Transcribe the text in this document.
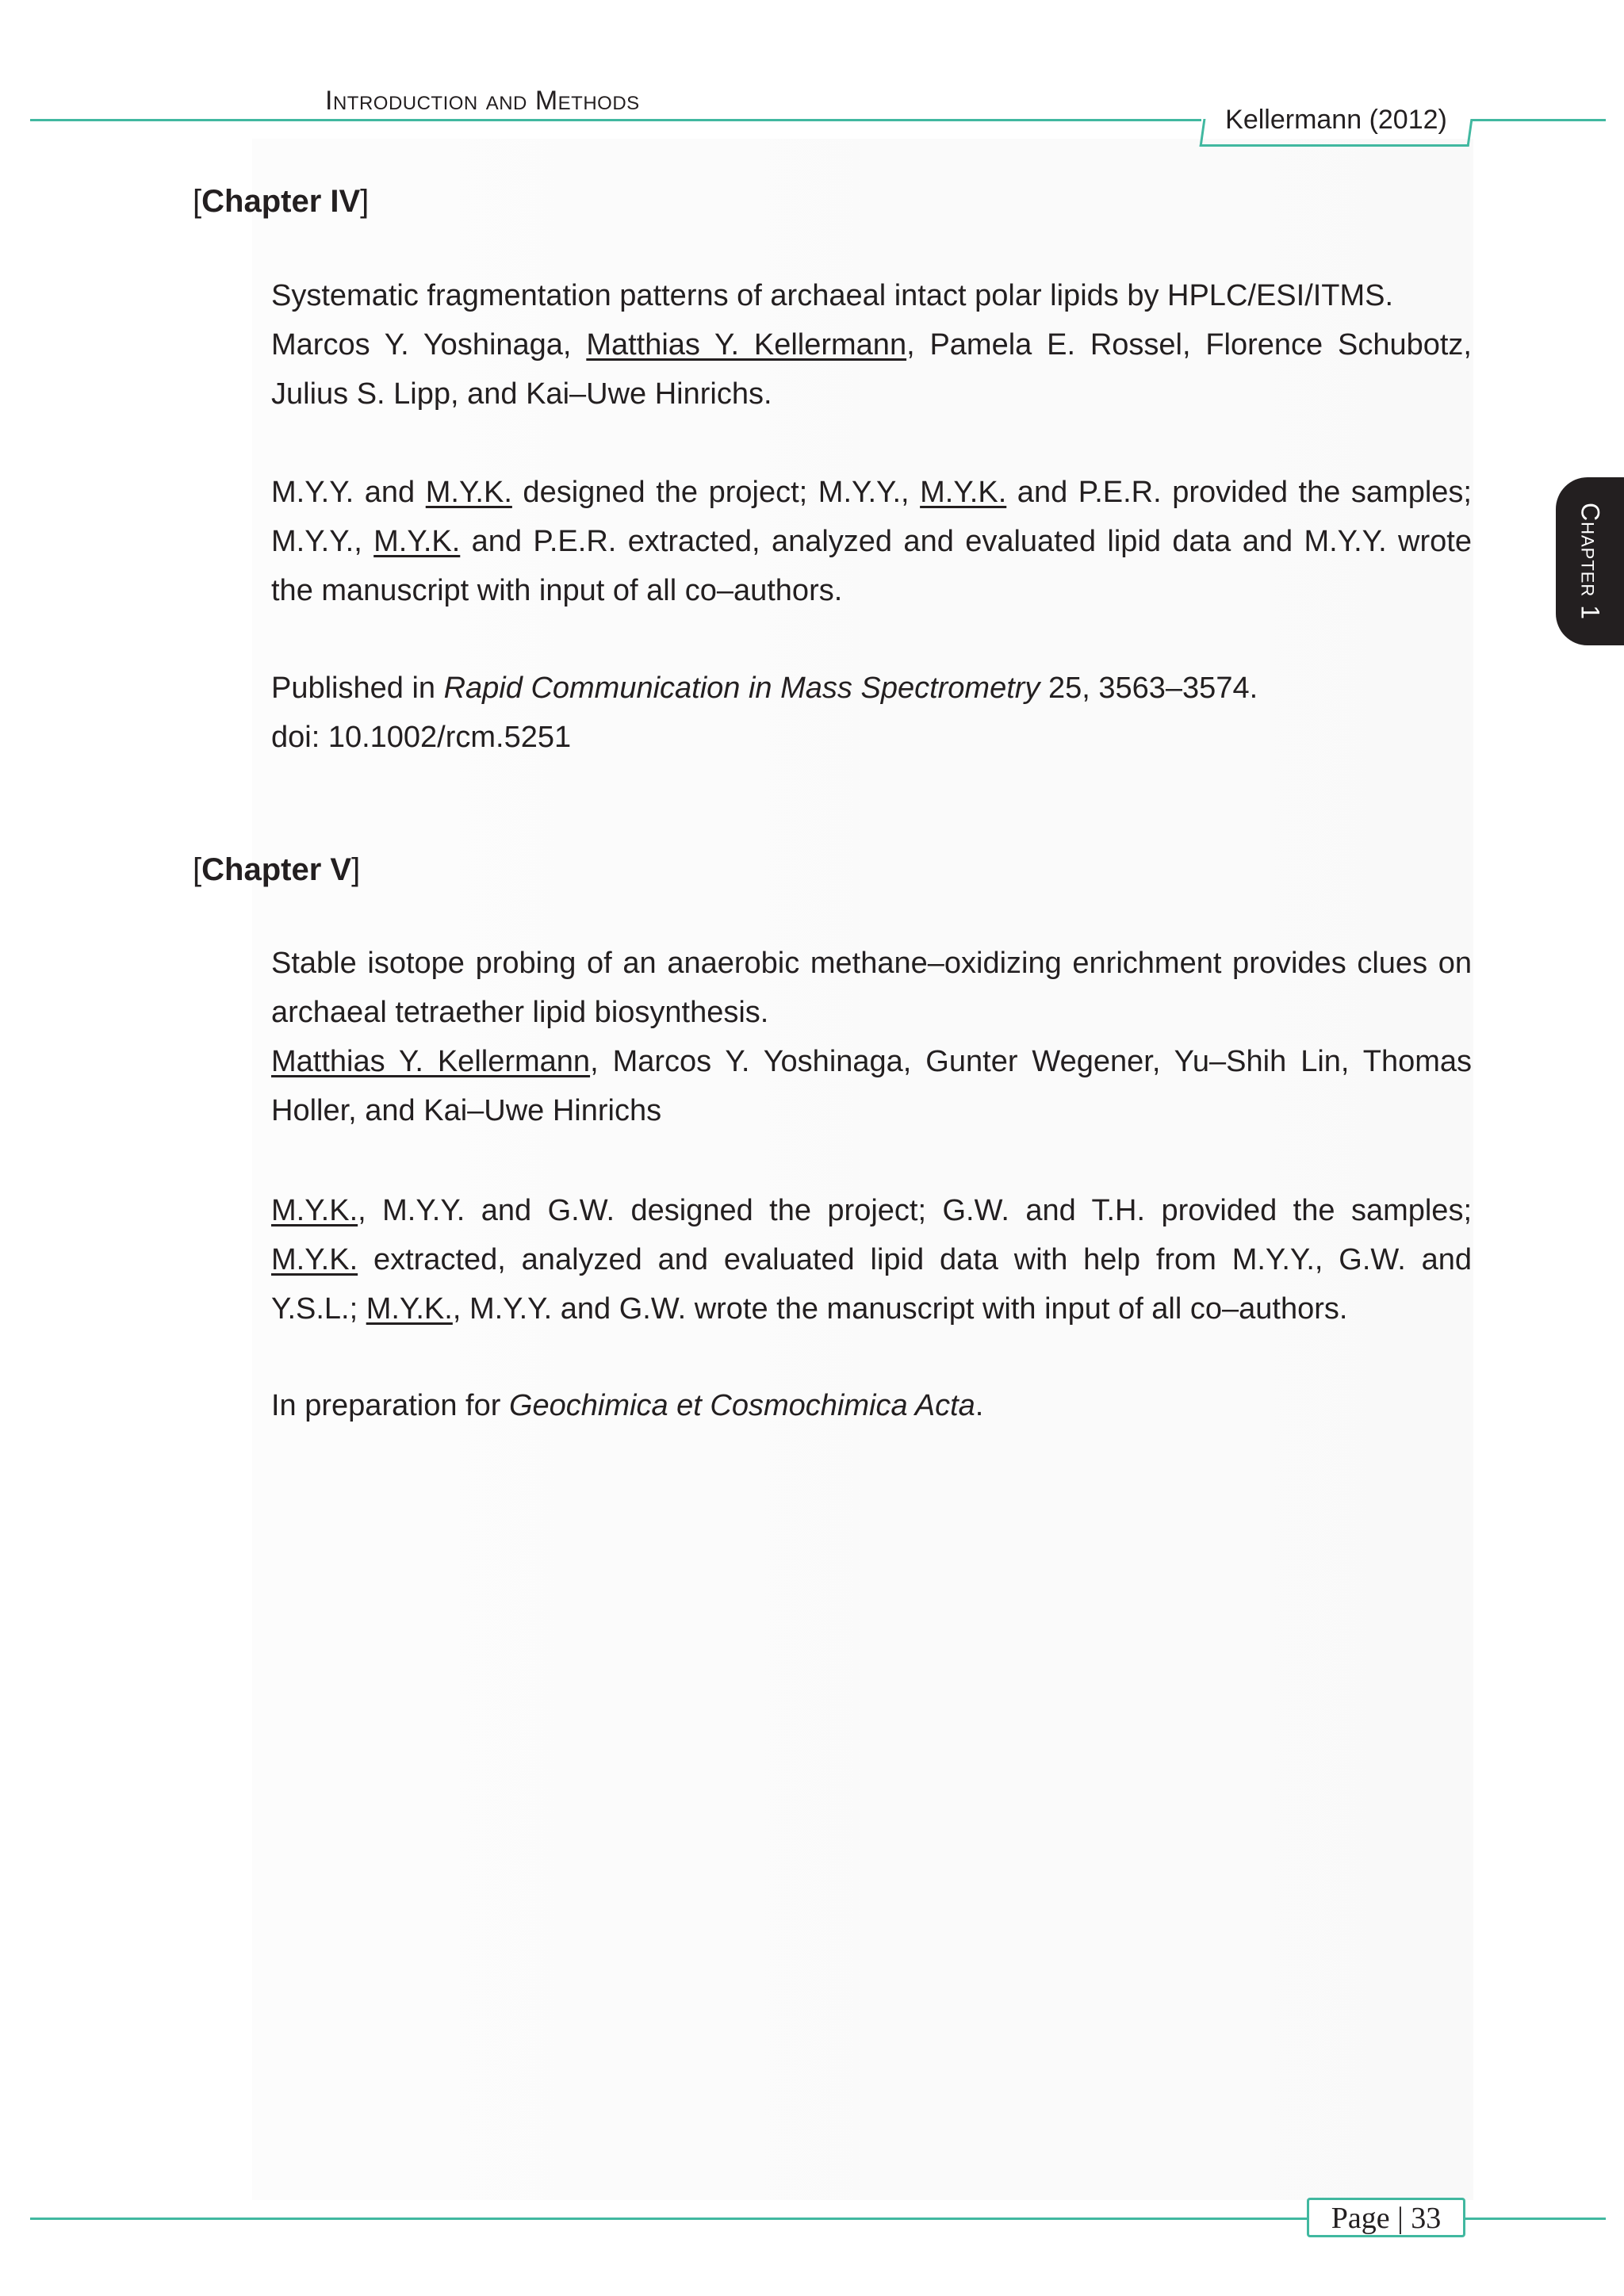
Introduction and Methods
Kellermann (2012)
Chapter 1
[Chapter IV]
Systematic fragmentation patterns of archaeal intact polar lipids by HPLC/ESI/ITMS.
Marcos Y. Yoshinaga, Matthias Y. Kellermann, Pamela E. Rossel, Florence Schubotz, Julius S. Lipp, and Kai–Uwe Hinrichs.
M.Y.Y. and M.Y.K. designed the project; M.Y.Y., M.Y.K. and P.E.R. provided the samples; M.Y.Y., M.Y.K. and P.E.R. extracted, analyzed and evaluated lipid data and M.Y.Y. wrote the manuscript with input of all co–authors.
Published in Rapid Communication in Mass Spectrometry 25, 3563–3574.
doi: 10.1002/rcm.5251
[Chapter V]
Stable isotope probing of an anaerobic methane–oxidizing enrichment provides clues on archaeal tetraether lipid biosynthesis.
Matthias Y. Kellermann, Marcos Y. Yoshinaga, Gunter Wegener, Yu–Shih Lin, Thomas Holler, and Kai–Uwe Hinrichs
M.Y.K., M.Y.Y. and G.W. designed the project; G.W. and T.H. provided the samples; M.Y.K. extracted, analyzed and evaluated lipid data with help from M.Y.Y., G.W. and Y.S.L.; M.Y.K., M.Y.Y. and G.W. wrote the manuscript with input of all co–authors.
In preparation for Geochimica et Cosmochimica Acta.
Page | 33
